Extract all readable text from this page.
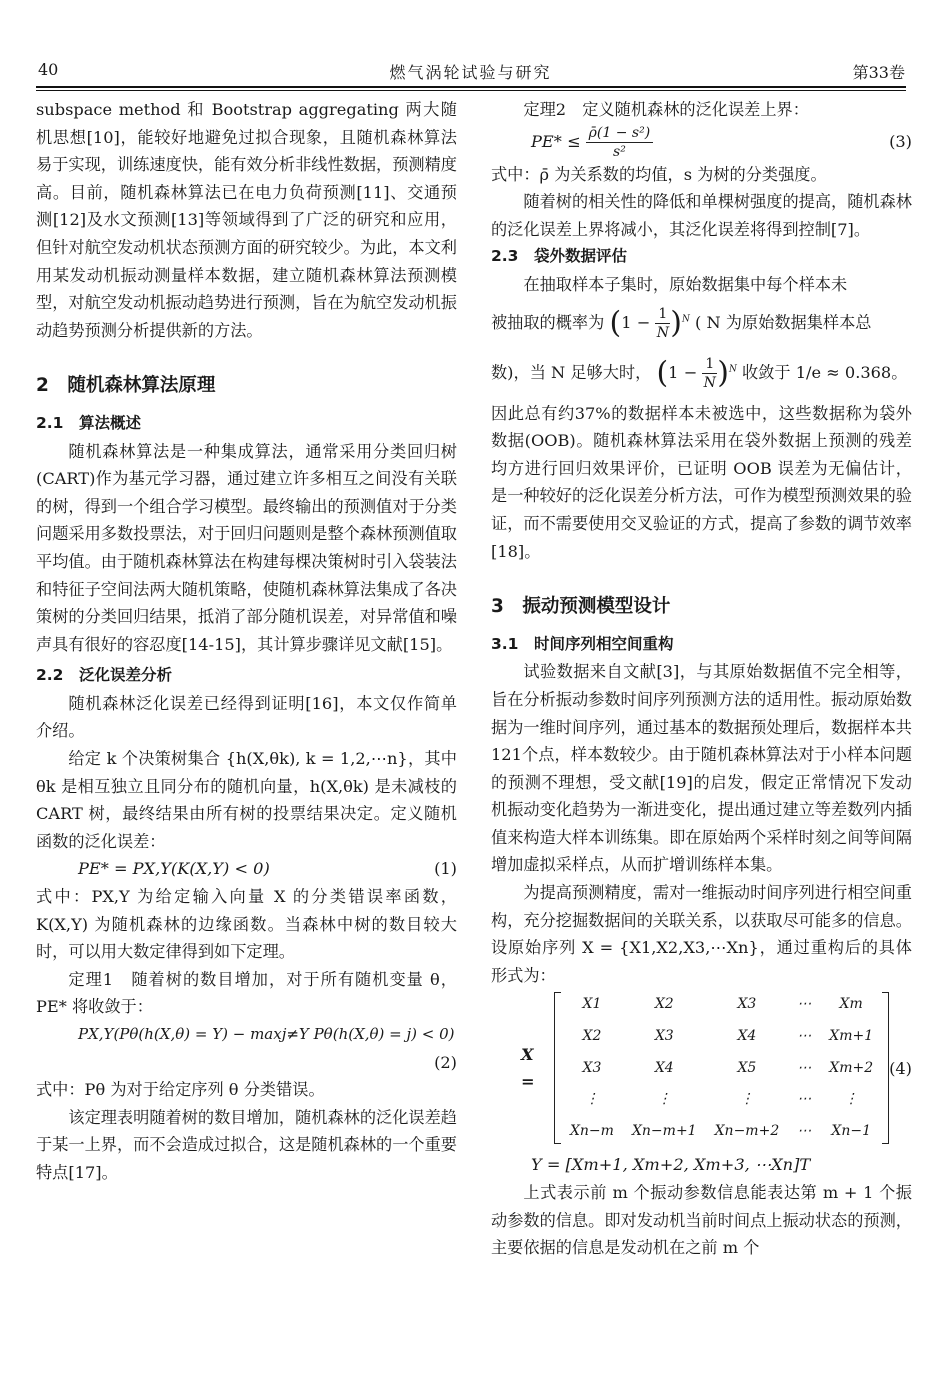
40	燃气涡轮试验与研究	第33卷

subspace method 和 Bootstrap aggregating 两大随机思想[10]，能较好地避免过拟合现象，且随机森林算法易于实现，训练速度快，能有效分析非线性数据，预测精度高。目前，随机森林算法已在电力负荷预测[11]、交通预测[12]及水文预测[13]等领域得到了广泛的研究和应用，但针对航空发动机状态预测方面的研究较少。为此，本文利用某发动机振动测量样本数据，建立随机森林算法预测模型，对航空发动机振动趋势进行预测，旨在为航空发动机振动趋势预测分析提供新的方法。

2　随机森林算法原理

2.1　算法概述

随机森林算法是一种集成算法，通常采用分类回归树(CART)作为基元学习器，通过建立许多相互之间没有关联的树，得到一个组合学习模型。最终输出的预测值对于分类问题采用多数投票法，对于回归问题则是整个森林预测值取平均值。由于随机森林算法在构建每棵决策树时引入袋装法和特征子空间法两大随机策略，使随机森林算法集成了各决策树的分类回归结果，抵消了部分随机误差，对异常值和噪声具有很好的容忍度[14-15]，其计算步骤详见文献[15]。

2.2　泛化误差分析

随机森林泛化误差已经得到证明[16]，本文仅作简单介绍。

给定 k 个决策树集合 {h(X,θk), k = 1,2,⋯n}，其中 θk 是相互独立且同分布的随机向量，h(X,θk) 是未减枝的 CART 树，最终结果由所有树的投票结果决定。定义随机函数的泛化误差：

PE* = PX,Y(K(X,Y) < 0)	(1)

式中：PX,Y 为给定输入向量 X 的分类错误率函数，K(X,Y) 为随机森林的边缘函数。当森林中树的数目较大时，可以用大数定律得到如下定理。

定理1　随着树的数目增加，对于所有随机变量 θ，PE* 将收敛于：

PX,Y(Pθ(h(X,θ) = Y) − maxj≠Y Pθ(h(X,θ) = j) < 0)
(2)

式中：Pθ 为对于给定序列 θ 分类错误。

该定理表明随着树的数目增加，随机森林的泛化误差趋于某一上界，而不会造成过拟合，这是随机森林的一个重要特点[17]。

定理2　定义随机森林的泛化误差上界：

$PE* \le \frac{\text{ρ̄(1 − s²)}}{\text{s²}}$	(3)

式中：ρ̄ 为关系数的均值，s 为树的分类强度。

随着树的相关性的降低和单棵树强度的提高，随机森林的泛化误差上界将减小，其泛化误差将得到控制[7]。

2.3　袋外数据评估

在抽取样本子集时，原始数据集中每个样本未

被抽取的概率为 $(1 - \frac{1}{N} )^N$ ( N 为原始数据集样本总

数)，当 N 足够大时， $(1 - \frac{1}{N} )^N$ 收敛于 1/e ≈ 0.368。

因此总有约37%的数据样本未被选中，这些数据称为袋外数据(OOB)。随机森林算法采用在袋外数据上预测的残差均方进行回归效果评价，已证明 OOB 误差为无偏估计，是一种较好的泛化误差分析方法，可作为模型预测效果的验证，而不需要使用交叉验证的方式，提高了参数的调节效率[18]。

3　振动预测模型设计

3.1　时间序列相空间重构

试验数据来自文献[3]，与其原始数据值不完全相等，旨在分析振动参数时间序列预测方法的适用性。振动原始数据为一维时间序列，通过基本的数据预处理后，数据样本共121个点，样本数较少。由于随机森林算法对于小样本问题的预测不理想，受文献[19]的启发，假定正常情况下发动机振动变化趋势为一渐进变化，提出通过建立等差数列内插值来构造大样本训练集。即在原始两个采样时刻之间等间隔增加虚拟采样点，从而扩增训练样本集。

为提高预测精度，需对一维振动时间序列进行相空间重构，充分挖掘数据间的关联关系，以获取尽可能多的信息。设原始序列 X = {X1,X2,X3,⋯Xn}，通过重构后的具体形式为：

X =
X1	X2	X3	⋯	Xm
X2	X3	X4	⋯	Xm+1
X3	X4	X5	⋯	Xm+2
⋮	⋮	⋮	⋯	⋮
Xn−m	Xn−m+1	Xn−m+2	⋯	Xn−1
(4)

Y = [Xm+1, Xm+2, Xm+3, ⋯Xn]T

上式表示前 m 个振动参数信息能表达第 m + 1 个振动参数的信息。即对发动机当前时间点上振动状态的预测，主要依据的信息是发动机在之前 m 个
